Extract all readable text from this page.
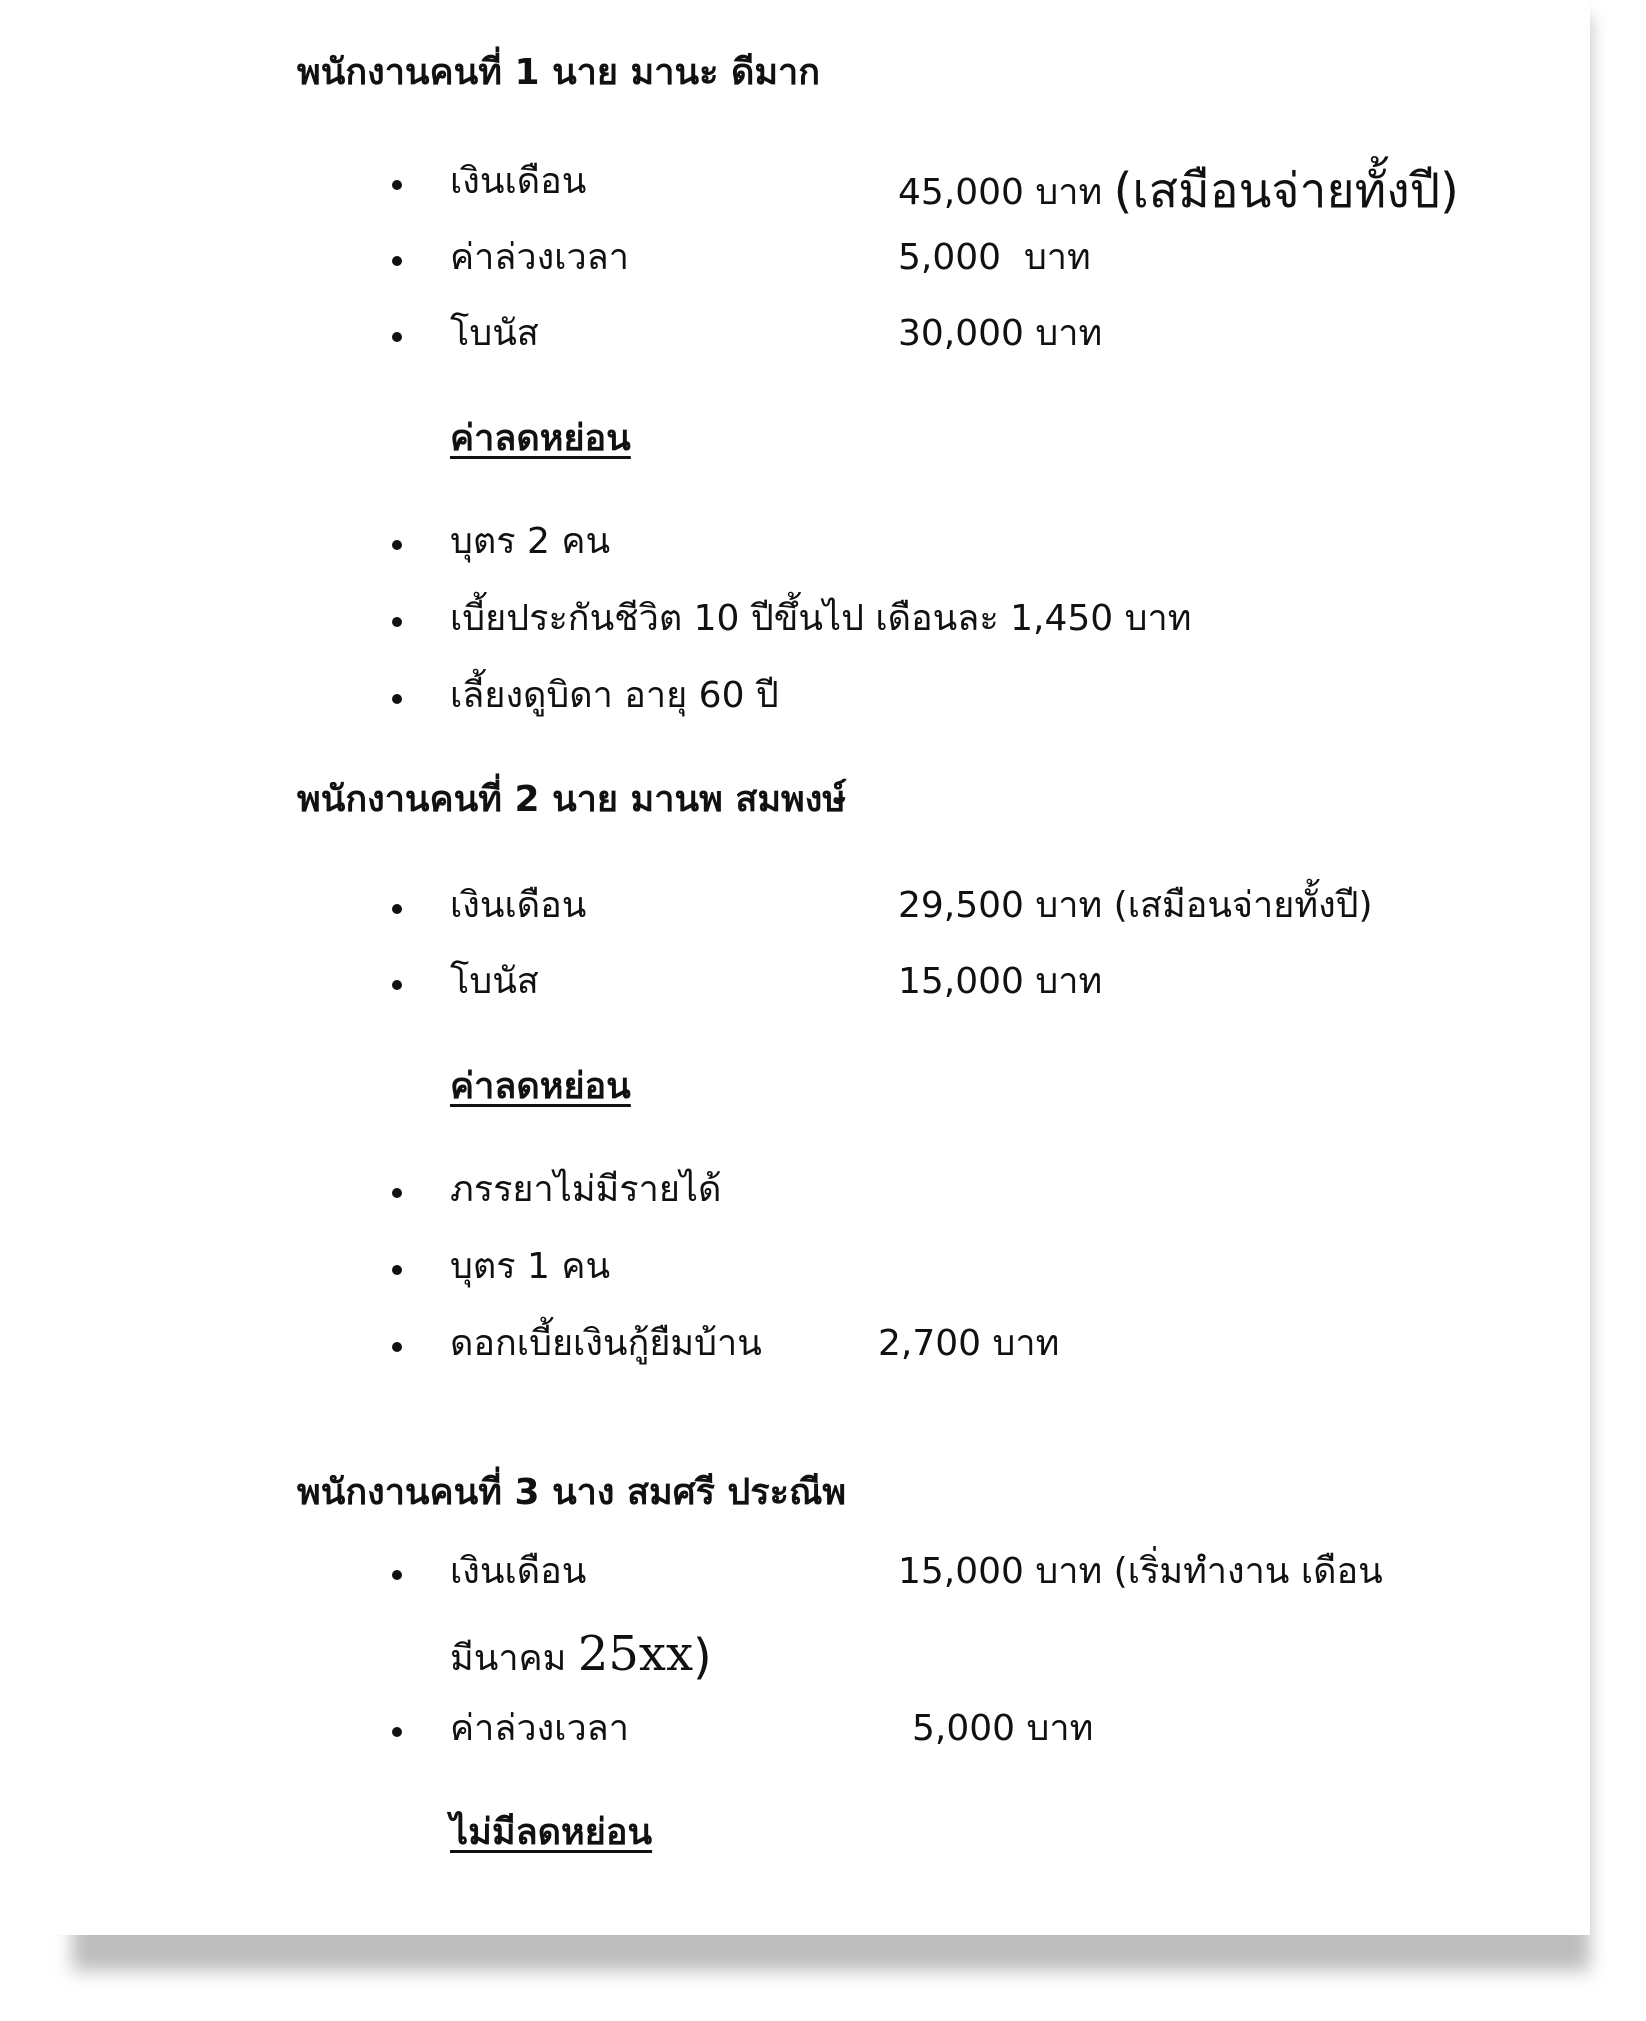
พนักงานคนที่ 1 นาย มานะ ดีมาก
เงินเดือน	45,000 บาท (เสมือนจ่ายทั้งปี)
ค่าล่วงเวลา	5,000  บาท
โบนัส	30,000 บาท
ค่าลดหย่อน
บุตร 2 คน
เบี้ยประกันชีวิต 10 ปีขึ้นไป เดือนละ 1,450 บาท
เลี้ยงดูบิดา อายุ 60 ปี
พนักงานคนที่ 2 นาย มานพ สมพงษ์
เงินเดือน	29,500 บาท (เสมือนจ่ายทั้งปี)
โบนัส	15,000 บาท
ค่าลดหย่อน
ภรรยาไม่มีรายได้
บุตร 1 คน
ดอกเบี้ยเงินกู้ยืมบ้าน	2,700 บาท
พนักงานคนที่ 3 นาง สมศรี ประณีพ
เงินเดือน	15,000 บาท (เริ่มทำงาน เดือน
มีนาคม 25xx)
ค่าล่วงเวลา	5,000 บาท
ไม่มีลดหย่อน
